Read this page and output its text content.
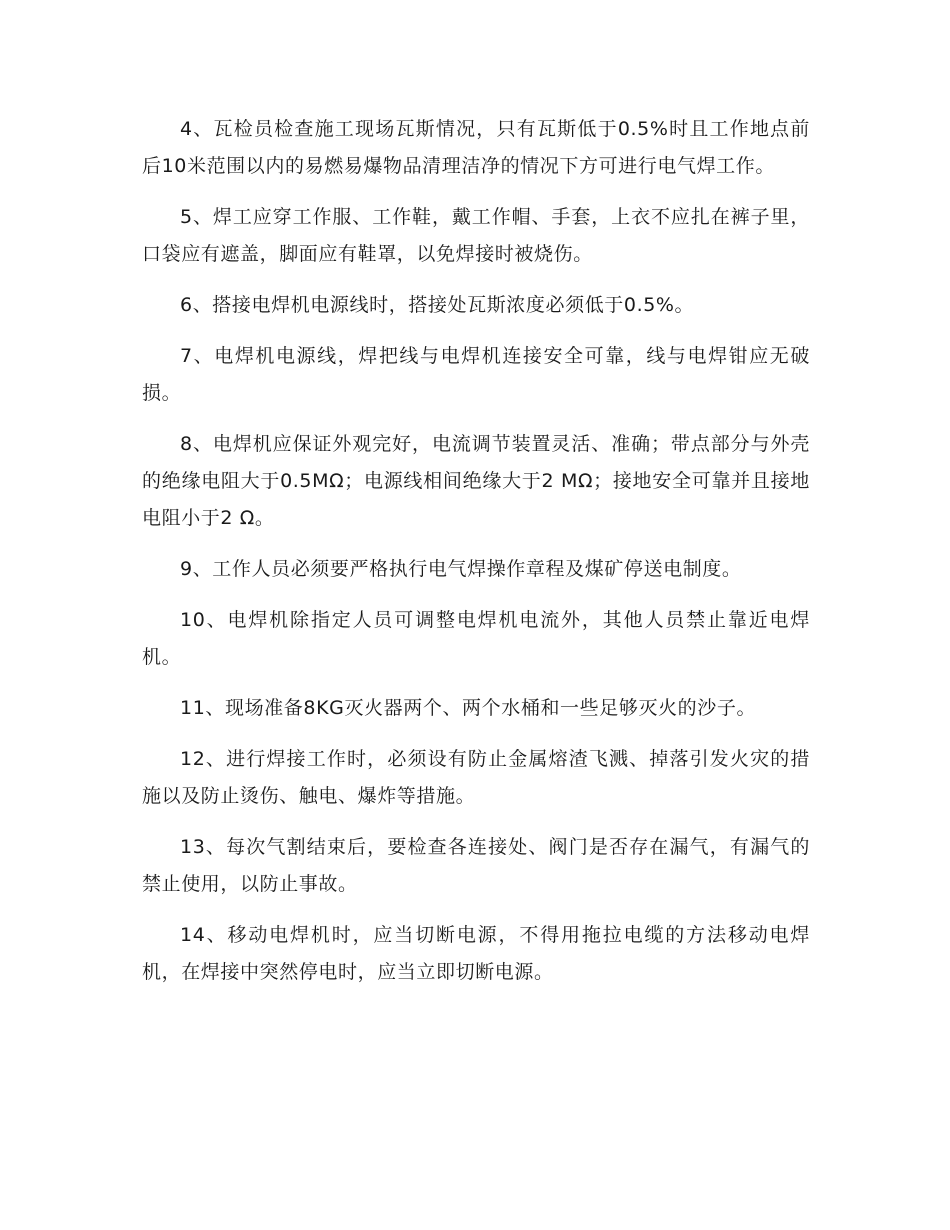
4、瓦检员检查施工现场瓦斯情况，只有瓦斯低于0.5%时且工作地点前后10米范围以内的易燃易爆物品清理洁净的情况下方可进行电气焊工作。

5、焊工应穿工作服、工作鞋，戴工作帽、手套，上衣不应扎在裤子里，口袋应有遮盖，脚面应有鞋罩，以免焊接时被烧伤。

6、搭接电焊机电源线时，搭接处瓦斯浓度必须低于0.5%。

7、电焊机电源线，焊把线与电焊机连接安全可靠，线与电焊钳应无破损。

8、电焊机应保证外观完好，电流调节装置灵活、准确；带点部分与外壳的绝缘电阻大于0.5MΩ；电源线相间绝缘大于2 MΩ；接地安全可靠并且接地电阻小于2 Ω。

9、工作人员必须要严格执行电气焊操作章程及煤矿停送电制度。

10、电焊机除指定人员可调整电焊机电流外，其他人员禁止靠近电焊机。

11、现场准备8KG灭火器两个、两个水桶和一些足够灭火的沙子。

12、进行焊接工作时，必须设有防止金属熔渣飞溅、掉落引发火灾的措施以及防止烫伤、触电、爆炸等措施。

13、每次气割结束后，要检查各连接处、阀门是否存在漏气，有漏气的禁止使用，以防止事故。

14、移动电焊机时，应当切断电源，不得用拖拉电缆的方法移动电焊机，在焊接中突然停电时，应当立即切断电源。
